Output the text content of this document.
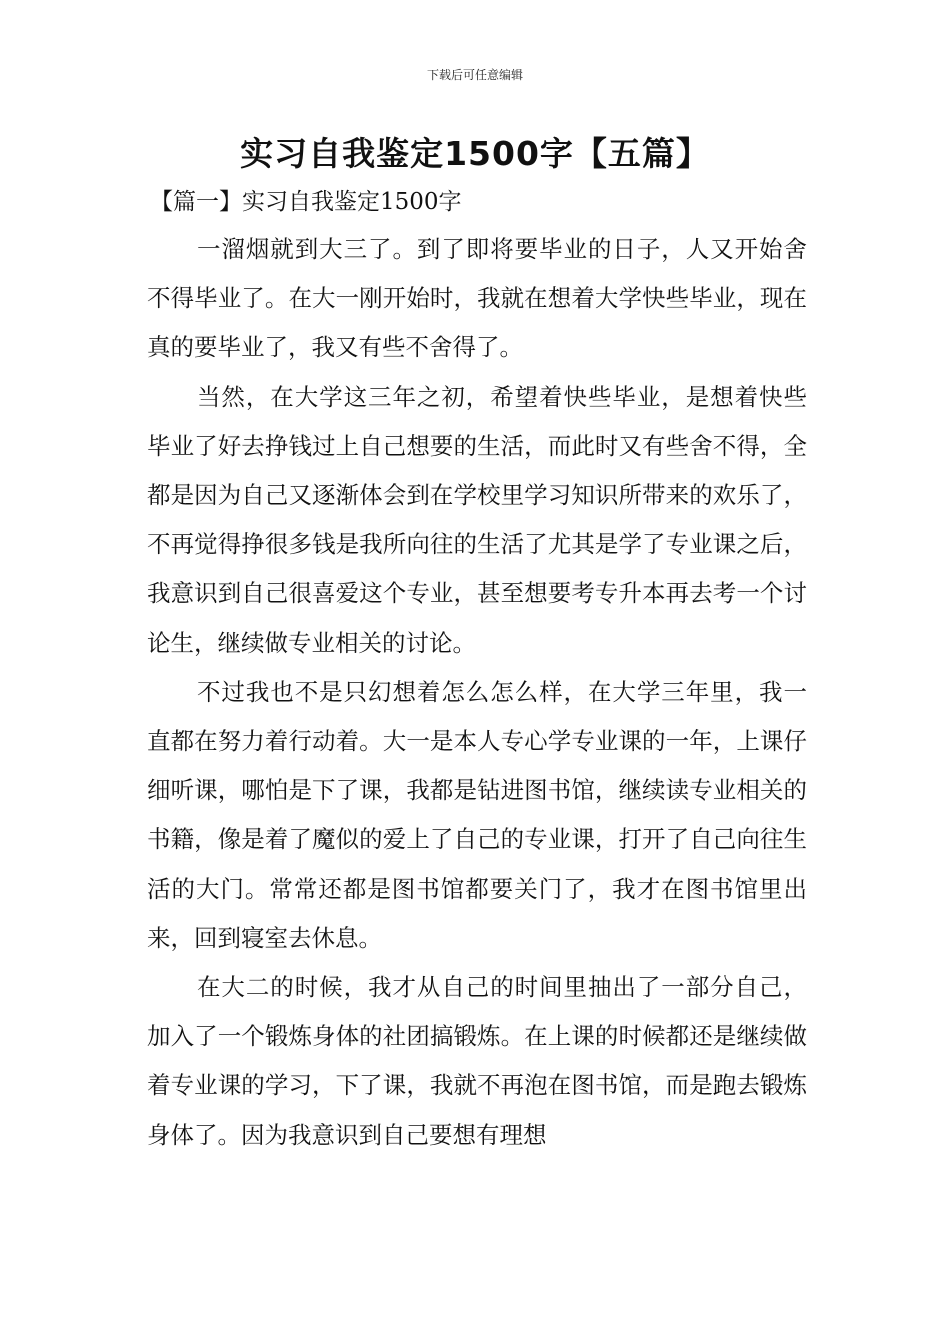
下载后可任意编辑
实习自我鉴定1500字【五篇】
【篇一】实习自我鉴定1500字

一溜烟就到大三了。到了即将要毕业的日子，人又开始舍不得毕业了。在大一刚开始时，我就在想着大学快些毕业，现在真的要毕业了，我又有些不舍得了。

当然，在大学这三年之初，希望着快些毕业，是想着快些毕业了好去挣钱过上自己想要的生活，而此时又有些舍不得，全都是因为自己又逐渐体会到在学校里学习知识所带来的欢乐了，不再觉得挣很多钱是我所向往的生活了尤其是学了专业课之后，我意识到自己很喜爱这个专业，甚至想要考专升本再去考一个讨论生，继续做专业相关的讨论。

不过我也不是只幻想着怎么怎么样，在大学三年里，我一直都在努力着行动着。大一是本人专心学专业课的一年，上课仔细听课，哪怕是下了课，我都是钻进图书馆，继续读专业相关的书籍，像是着了魔似的爱上了自己的专业课，打开了自己向往生活的大门。常常还都是图书馆都要关门了，我才在图书馆里出来，回到寝室去休息。

在大二的时候，我才从自己的时间里抽出了一部分自己，加入了一个锻炼身体的社团搞锻炼。在上课的时候都还是继续做着专业课的学习，下了课，我就不再泡在图书馆，而是跑去锻炼身体了。因为我意识到自己要想有理想
